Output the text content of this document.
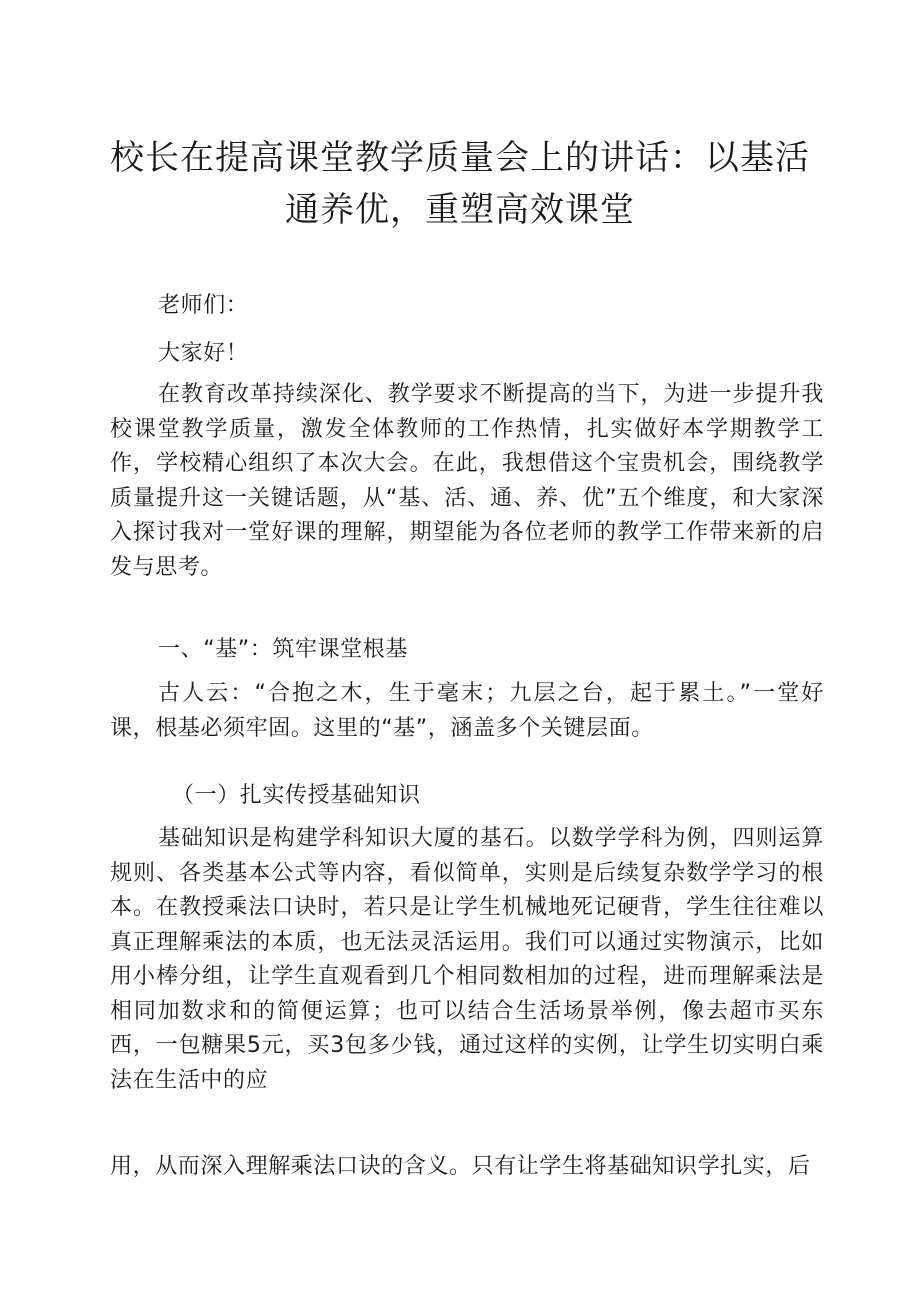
校长在提高课堂教学质量会上的讲话：以基活通养优，重塑高效课堂

老师们：

大家好！

在教育改革持续深化、教学要求不断提高的当下，为进一步提升我校课堂教学质量，激发全体教师的工作热情，扎实做好本学期教学工作，学校精心组织了本次大会。在此，我想借这个宝贵机会，围绕教学质量提升这一关键话题，从“基、活、通、养、优”五个维度，和大家深入探讨我对一堂好课的理解，期望能为各位老师的教学工作带来新的启发与思考。

一、“基”：筑牢课堂根基

古人云：“合抱之木，生于毫末；九层之台，起于累土。”一堂好课，根基必须牢固。这里的“基”，涵盖多个关键层面。

（一）扎实传授基础知识

基础知识是构建学科知识大厦的基石。以数学学科为例，四则运算规则、各类基本公式等内容，看似简单，实则是后续复杂数学学习的根本。在教授乘法口诀时，若只是让学生机械地死记硬背，学生往往难以真正理解乘法的本质，也无法灵活运用。我们可以通过实物演示，比如用小棒分组，让学生直观看到几个相同数相加的过程，进而理解乘法是相同加数求和的简便运算；也可以结合生活场景举例，像去超市买东西，一包糖果5元，买3包多少钱，通过这样的实例，让学生切实明白乘法在生活中的应

用，从而深入理解乘法口诀的含义。只有让学生将基础知识学扎实，后
